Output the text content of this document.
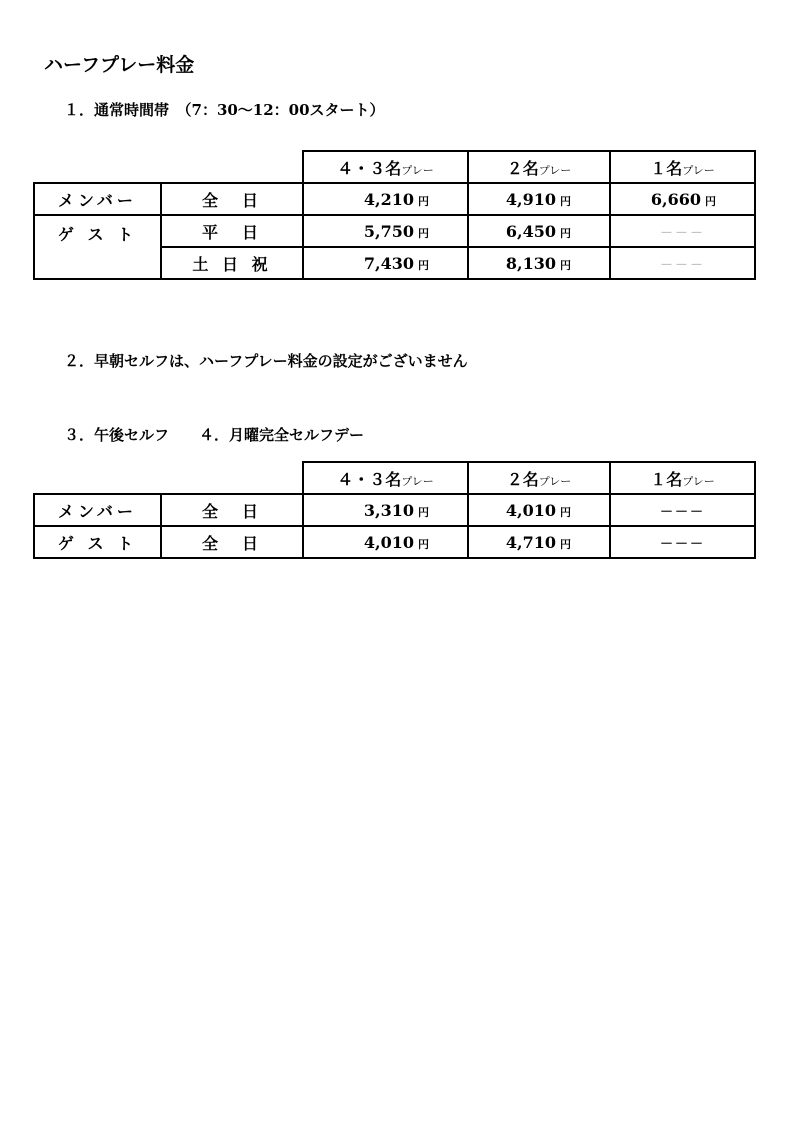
ハーフプレー料金
１．通常時間帯　（7：30～12：00スタート）
		４・３名プレー	２名プレー	１名プレー
メンバー	全　日	4,210 円	4,910 円	6,660 円
ゲ ス ト	平　日	5,750 円	6,450 円	－－－
	土 日 祝	7,430 円	8,130 円	－－－
２．早朝セルフは、ハーフプレー料金の設定がございません
３．午後セルフ　　４．月曜完全セルフデー
		４・３名プレー	２名プレー	１名プレー
メンバー	全　日	3,310 円	4,010 円	－－－
ゲ ス ト	全　日	4,010 円	4,710 円	－－－
